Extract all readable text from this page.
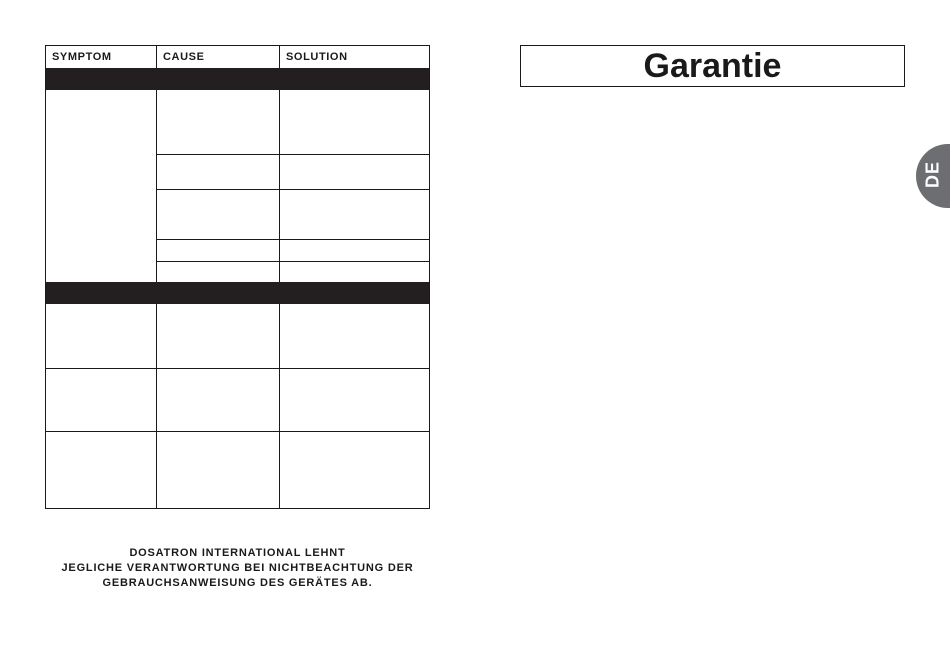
SYMPTOM	CAUSE	SOLUTION
DOSATRON INTERNATIONAL LEHNT
JEGLICHE VERANTWORTUNG BEI NICHTBEACHTUNG DER
GEBRAUCHSANWEISUNG DES GERÄTES AB.
Garantie
DE
